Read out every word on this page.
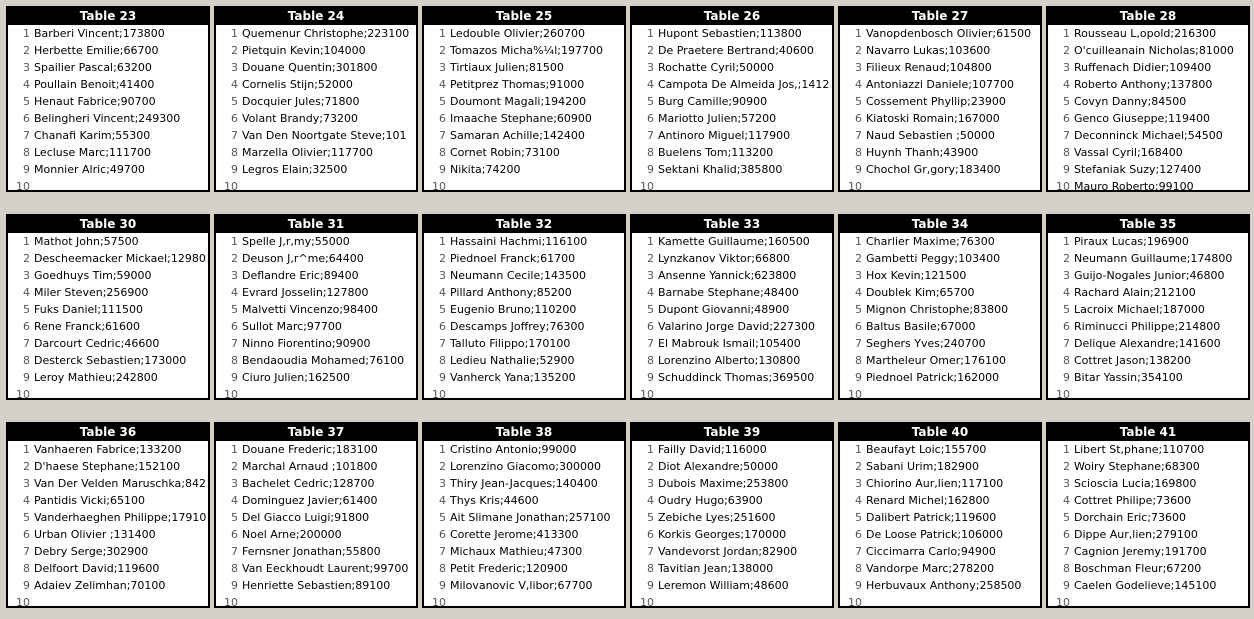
Table 23
1 Barberi Vincent;173800
2 Herbette Emilie;66700
3 Spailier Pascal;63200
4 Poullain Benoit;41400
5 Henaut Fabrice;90700
6 Belingheri Vincent;249300
7 Chanafi Karim;55300
8 Lecluse Marc;111700
9 Monnier Alric;49700
10
Table 24
1 Quemenur Christophe;223100
2 Pietquin Kevin;104000
3 Douane Quentin;301800
4 Cornelis Stijn;52000
5 Docquier Jules;71800
6 Volant Brandy;73200
7 Van Den Noortgate Steve;101
8 Marzella Olivier;117700
9 Legros Elain;32500
10
Table 25
1 Ledouble Olivier;260700
2 Tomazos Micha%¼l;197700
3 Tirtiaux Julien;81500
4 Petitprez Thomas;91000
5 Doumont Magali;194200
6 Imaache Stephane;60900
7 Samaran Achille;142400
8 Cornet Robin;73100
9 Nikita;74200
10
Table 26
1 Hupont Sebastien;113800
2 De Praetere Bertrand;40600
3 Rochatte Cyril;50000
4 Campota De Almeida Jos,;1412
5 Burg Camille;90900
6 Mariotto Julien;57200
7 Antinoro Miguel;117900
8 Buelens Tom;113200
9 Sektani Khalid;385800
10
Table 27
1 Vanopdenbosch Olivier;61500
2 Navarro Lukas;103600
3 Filieux Renaud;104800
4 Antoniazzi Daniele;107700
5 Cossement Phyllip;23900
6 Kiatoski Romain;167000
7 Naud Sebastien ;50000
8 Huynh Thanh;43900
9 Chochol Gr,gory;183400
10
Table 28
1 Rousseau L,opold;216300
2 O'cuilleanain Nicholas;81000
3 Ruffenach Didier;109400
4 Roberto Anthony;137800
5 Covyn Danny;84500
6 Genco Giuseppe;119400
7 Deconninck Michael;54500
8 Vassal Cyril;168400
9 Stefaniak Suzy;127400
10 Mauro Roberto;99100
Table 30
1 Mathot John;57500
2 Descheemacker Mickael;12980
3 Goedhuys Tim;59000
4 Miler Steven;256900
5 Fuks Daniel;111500
6 Rene Franck;61600
7 Darcourt Cedric;46600
8 Desterck Sebastien;173000
9 Leroy Mathieu;242800
10
Table 31
1 Spelle J,r,my;55000
2 Deuson J,r^me;64400
3 Deflandre Eric;89400
4 Evrard Josselin;127800
5 Malvetti Vincenzo;98400
6 Sullot Marc;97700
7 Ninno Fiorentino;90900
8 Bendaoudia Mohamed;76100
9 Ciuro Julien;162500
10
Table 32
1 Hassaini Hachmi;116100
2 Piednoel Franck;61700
3 Neumann Cecile;143500
4 Pillard Anthony;85200
5 Eugenio Bruno;110200
6 Descamps Joffrey;76300
7 Talluto Filippo;170100
8 Ledieu Nathalie;52900
9 Vanherck Yana;135200
10
Table 33
1 Kamette Guillaume;160500
2 Lynzkanov Viktor;66800
3 Ansenne Yannick;623800
4 Barnabe Stephane;48400
5 Dupont Giovanni;48900
6 Valarino Jorge David;227300
7 El Mabrouk Ismail;105400
8 Lorenzino Alberto;130800
9 Schuddinck Thomas;369500
10
Table 34
1 Charlier Maxime;76300
2 Gambetti Peggy;103400
3 Hox Kevin;121500
4 Doublek Kim;65700
5 Mignon Christophe;83800
6 Baltus Basile;67000
7 Seghers Yves;240700
8 Martheleur Omer;176100
9 Piednoel Patrick;162000
10
Table 35
1 Piraux Lucas;196900
2 Neumann Guillaume;174800
3 Guijo-Nogales Junior;46800
4 Rachard Alain;212100
5 Lacroix Michael;187000
6 Riminucci Philippe;214800
7 Delique Alexandre;141600
8 Cottret Jason;138200
9 Bitar Yassin;354100
10
Table 36
1 Vanhaeren Fabrice;133200
2 D'haese Stephane;152100
3 Van Der Velden Maruschka;842
4 Pantidis Vicki;65100
5 Vanderhaeghen Philippe;17910
6 Urban Olivier ;131400
7 Debry Serge;302900
8 Delfoort David;119600
9 Adaiev Zelimhan;70100
10
Table 37
1 Douane Frederic;183100
2 Marchal Arnaud ;101800
3 Bachelet Cedric;128700
4 Dominguez Javier;61400
5 Del Giacco Luigi;91800
6 Noel Arne;200000
7 Fernsner Jonathan;55800
8 Van Eeckhoudt Laurent;99700
9 Henriette Sebastien;89100
10
Table 38
1 Cristino Antonio;99000
2 Lorenzino Giacomo;300000
3 Thiry Jean-Jacques;140400
4 Thys Kris;44600
5 Ait Slimane Jonathan;257100
6 Corette Jerome;413300
7 Michaux Mathieu;47300
8 Petit Frederic;120900
9 Milovanovic V,libor;67700
10
Table 39
1 Failly David;116000
2 Diot Alexandre;50000
3 Dubois Maxime;253800
4 Oudry Hugo;63900
5 Zebiche Lyes;251600
6 Korkis Georges;170000
7 Vandevorst Jordan;82900
8 Tavitian Jean;138000
9 Leremon William;48600
10
Table 40
1 Beaufayt Loic;155700
2 Sabani Urim;182900
3 Chiorino Aur,lien;117100
4 Renard Michel;162800
5 Dalibert Patrick;119600
6 De Loose Patrick;106000
7 Ciccimarra Carlo;94900
8 Vandorpe Marc;278200
9 Herbuvaux Anthony;258500
10
Table 41
1 Libert St,phane;110700
2 Woiry Stephane;68300
3 Scioscia Lucia;169800
4 Cottret Philipe;73600
5 Dorchain Eric;73600
6 Dippe Aur,lien;279100
7 Cagnion Jeremy;191700
8 Boschman Fleur;67200
9 Caelen Godelieve;145100
10
